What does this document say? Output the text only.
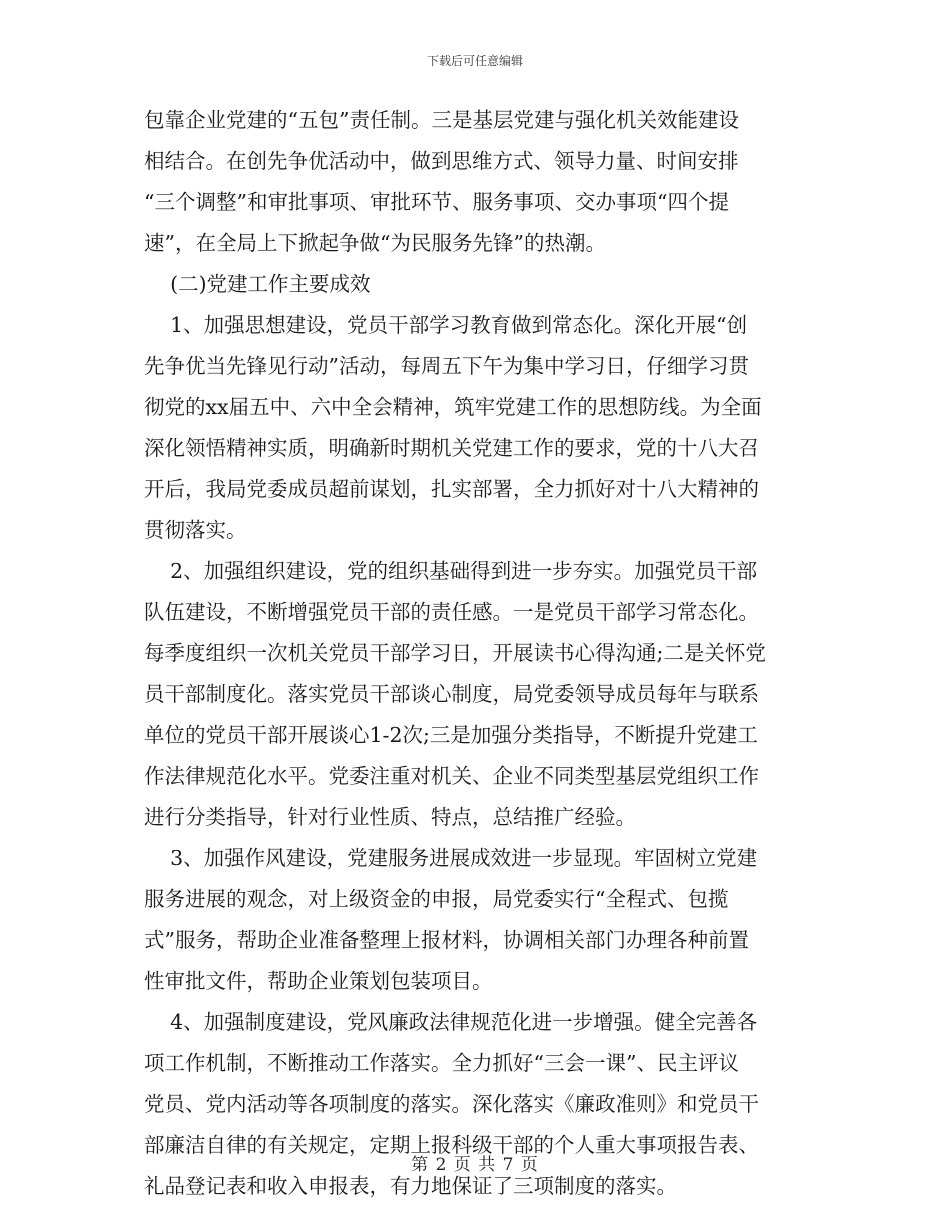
下载后可任意编辑
包靠企业党建的“五包”责任制。三是基层党建与强化机关效能建设
相结合。在创先争优活动中，做到思维方式、领导力量、时间安排
“三个调整”和审批事项、审批环节、服务事项、交办事项“四个提
速”，在全局上下掀起争做“为民服务先锋”的热潮。
(二)党建工作主要成效
1、加强思想建设，党员干部学习教育做到常态化。深化开展“创
先争优当先锋见行动”活动，每周五下午为集中学习日，仔细学习贯
彻党的xx届五中、六中全会精神，筑牢党建工作的思想防线。为全面
深化领悟精神实质，明确新时期机关党建工作的要求，党的十八大召
开后，我局党委成员超前谋划，扎实部署，全力抓好对十八大精神的
贯彻落实。
2、加强组织建设，党的组织基础得到进一步夯实。加强党员干部
队伍建设，不断增强党员干部的责任感。一是党员干部学习常态化。
每季度组织一次机关党员干部学习日，开展读书心得沟通;二是关怀党
员干部制度化。落实党员干部谈心制度，局党委领导成员每年与联系
单位的党员干部开展谈心1-2次;三是加强分类指导，不断提升党建工
作法律规范化水平。党委注重对机关、企业不同类型基层党组织工作
进行分类指导，针对行业性质、特点，总结推广经验。
3、加强作风建设，党建服务进展成效进一步显现。牢固树立党建
服务进展的观念，对上级资金的申报，局党委实行“全程式、包揽
式”服务，帮助企业准备整理上报材料，协调相关部门办理各种前置
性审批文件，帮助企业策划包装项目。
4、加强制度建设，党风廉政法律规范化进一步增强。健全完善各
项工作机制，不断推动工作落实。全力抓好“三会一课”、民主评议
党员、党内活动等各项制度的落实。深化落实《廉政准则》和党员干
部廉洁自律的有关规定，定期上报科级干部的个人重大事项报告表、
礼品登记表和收入申报表，有力地保证了三项制度的落实。
第 2 页 共 7 页
